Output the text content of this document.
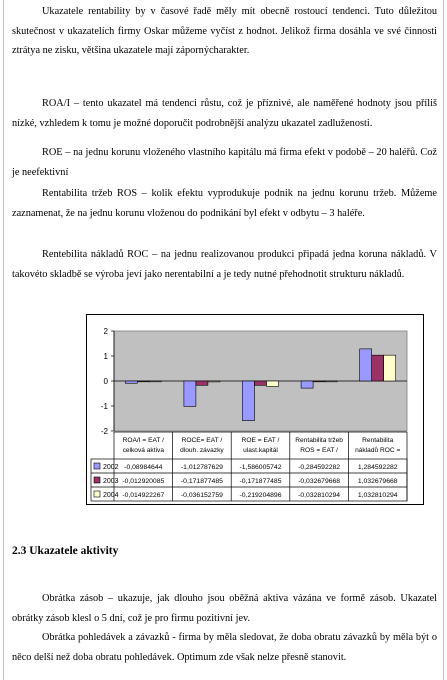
Ukazatele rentability by v časové řadě měly mít obecně rostoucí tendenci. Tuto důležitou skutečnost v ukazatelích firmy Oskar můžeme vyčíst z hodnot. Jelikož firma dosáhla ve své činnosti ztrátya ne zisku, většina ukazatele mají zápornýcharakter.

ROA/I – tento ukazatel má tendenci růstu, což je příznivé, ale naměřené hodnoty jsou příliš nízké, vzhledem k tomu je možné doporučit podrobnější analýzu ukazatel zadluženosti.

ROE – na jednu korunu vloženého vlastního kapitálu má firma efekt v podobě – 20 haléřů. Což je neefektivní

Rentabilita tržeb ROS – kolik efektu vyprodukuje podnik na jednu korunu tržeb. Můžeme zaznamenat, že na jednu korunu vloženou do podnikání byl efekt v odbytu – 3 haléře.

Rentebilita nákladů ROC – na jednu realizovanou produkci připadá jedna koruna nákladů. V takovéto skladbě se výroba jeví jako nerentabilní a je tedy nutné přehodnotit strukturu nákladů.

2
1
0
-1
-2
ROA/I = EAT /
celková aktiva
ROCE= EAT /
dlouh. závazky
ROE = EAT /
ulast.kapitál
Rentabilita tržeb
ROS = EAT /
Rentabilita
nákladů ROC =
2002 -0,08984644	-1,012787629 -1,586005742 -0,284592282	1,284592282
2003 -0,012920085 -0,171877485 -0,171877485 -0,032679668	1,032679668
2004 -0,014922267 -0,036152759 -0,219204896 -0,032810294	1,032810294
2.3 Ukazatele aktivity

Obrátka zásob – ukazuje, jak dlouho jsou oběžná aktiva vázána ve formě zásob. Ukazatel obrátky zásob klesl o 5 dní, což je pro firmu pozitivní jev.

Obrátka pohledávek a závazků - firma by měla sledovat, že doba obratu závazků by měla být o něco delší než doba obratu pohledávek. Optimum zde však nelze přesně stanovit.
